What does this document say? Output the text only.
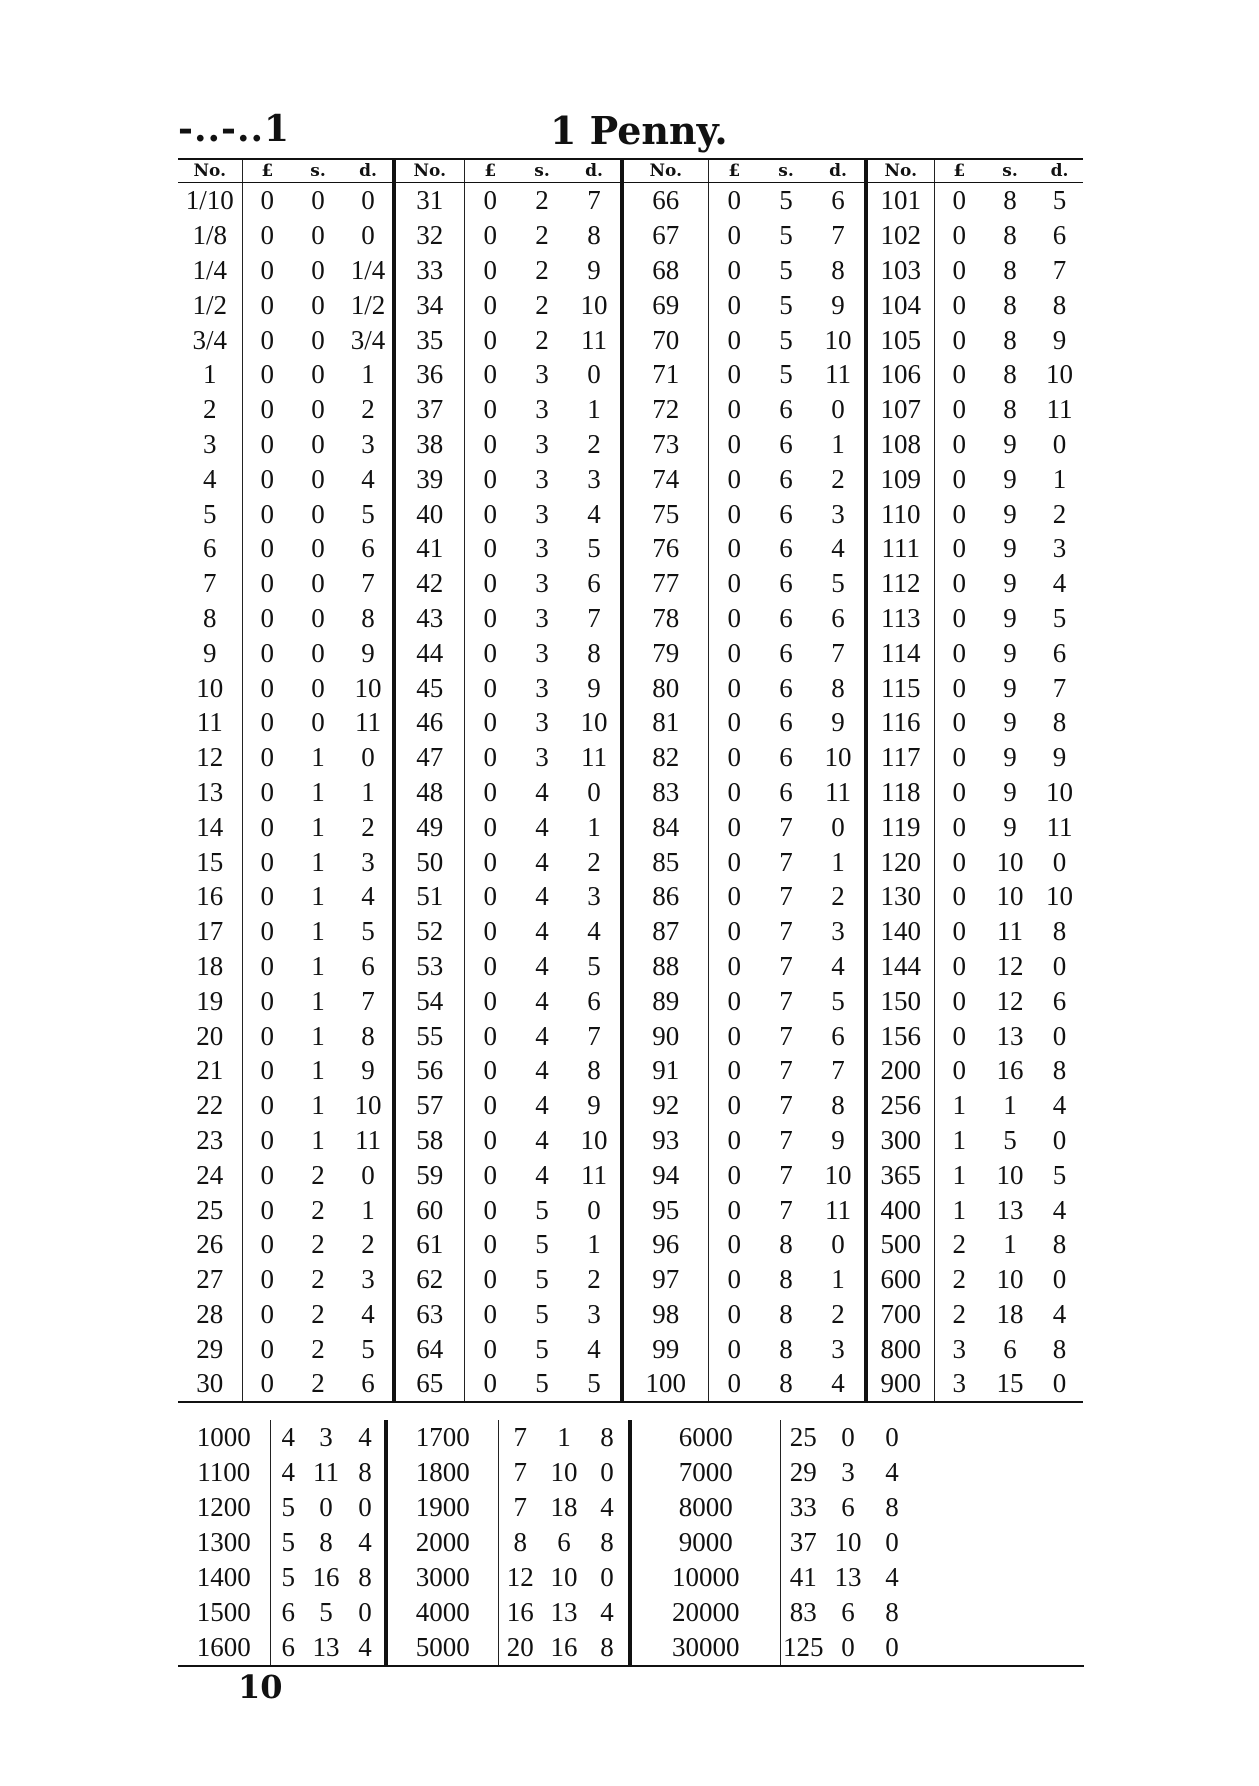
-..-..1	1 Penny.
No.	£	s.	d.	No.	£	s.	d.	No.	£	s.	d.	No.	£	s.	d.
1/10	0	0	0	31	0	2	7	66	0	5	6	101	0	8	5
1/8	0	0	0	32	0	2	8	67	0	5	7	102	0	8	6
1/4	0	0	1/4	33	0	2	9	68	0	5	8	103	0	8	7
1/2	0	0	1/2	34	0	2	10	69	0	5	9	104	0	8	8
3/4	0	0	3/4	35	0	2	11	70	0	5	10	105	0	8	9
1	0	0	1	36	0	3	0	71	0	5	11	106	0	8	10
2	0	0	2	37	0	3	1	72	0	6	0	107	0	8	11
3	0	0	3	38	0	3	2	73	0	6	1	108	0	9	0
4	0	0	4	39	0	3	3	74	0	6	2	109	0	9	1
5	0	0	5	40	0	3	4	75	0	6	3	110	0	9	2
6	0	0	6	41	0	3	5	76	0	6	4	111	0	9	3
7	0	0	7	42	0	3	6	77	0	6	5	112	0	9	4
8	0	0	8	43	0	3	7	78	0	6	6	113	0	9	5
9	0	0	9	44	0	3	8	79	0	6	7	114	0	9	6
10	0	0	10	45	0	3	9	80	0	6	8	115	0	9	7
11	0	0	11	46	0	3	10	81	0	6	9	116	0	9	8
12	0	1	0	47	0	3	11	82	0	6	10	117	0	9	9
13	0	1	1	48	0	4	0	83	0	6	11	118	0	9	10
14	0	1	2	49	0	4	1	84	0	7	0	119	0	9	11
15	0	1	3	50	0	4	2	85	0	7	1	120	0	10	0
16	0	1	4	51	0	4	3	86	0	7	2	130	0	10	10
17	0	1	5	52	0	4	4	87	0	7	3	140	0	11	8
18	0	1	6	53	0	4	5	88	0	7	4	144	0	12	0
19	0	1	7	54	0	4	6	89	0	7	5	150	0	12	6
20	0	1	8	55	0	4	7	90	0	7	6	156	0	13	0
21	0	1	9	56	0	4	8	91	0	7	7	200	0	16	8
22	0	1	10	57	0	4	9	92	0	7	8	256	1	1	4
23	0	1	11	58	0	4	10	93	0	7	9	300	1	5	0
24	0	2	0	59	0	4	11	94	0	7	10	365	1	10	5
25	0	2	1	60	0	5	0	95	0	7	11	400	1	13	4
26	0	2	2	61	0	5	1	96	0	8	0	500	2	1	8
27	0	2	3	62	0	5	2	97	0	8	1	600	2	10	0
28	0	2	4	63	0	5	3	98	0	8	2	700	2	18	4
29	0	2	5	64	0	5	4	99	0	8	3	800	3	6	8
30	0	2	6	65	0	5	5	100	0	8	4	900	3	15	0
1000	4	3	4	1700	7	1	8	6000	25	0	0
1100	4	11	8	1800	7	10	0	7000	29	3	4
1200	5	0	0	1900	7	18	4	8000	33	6	8
1300	5	8	4	2000	8	6	8	9000	37	10	0
1400	5	16	8	3000	12	10	0	10000	41	13	4
1500	6	5	0	4000	16	13	4	20000	83	6	8
1600	6	13	4	5000	20	16	8	30000	125	0	0
10
